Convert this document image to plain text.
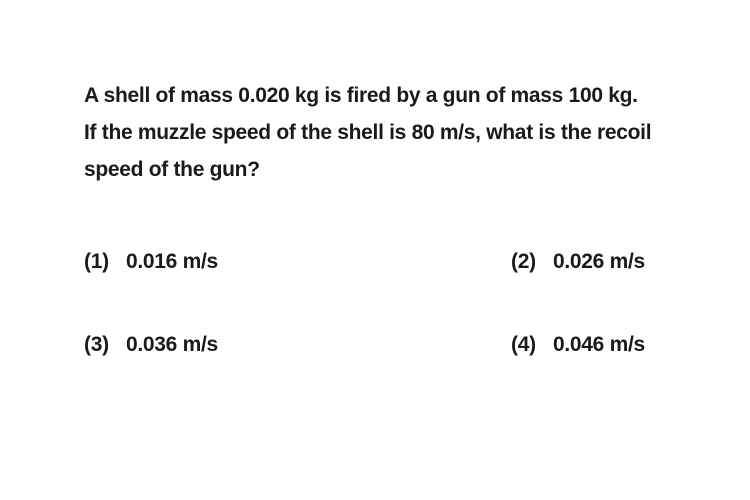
A shell of mass 0.020 kg is fired by a gun of mass 100 kg.
If the muzzle speed of the shell is 80 m/s, what is the recoil
speed of the gun?
(1) 0.016 m/s	(2) 0.026 m/s
(3) 0.036 m/s	(4) 0.046 m/s
